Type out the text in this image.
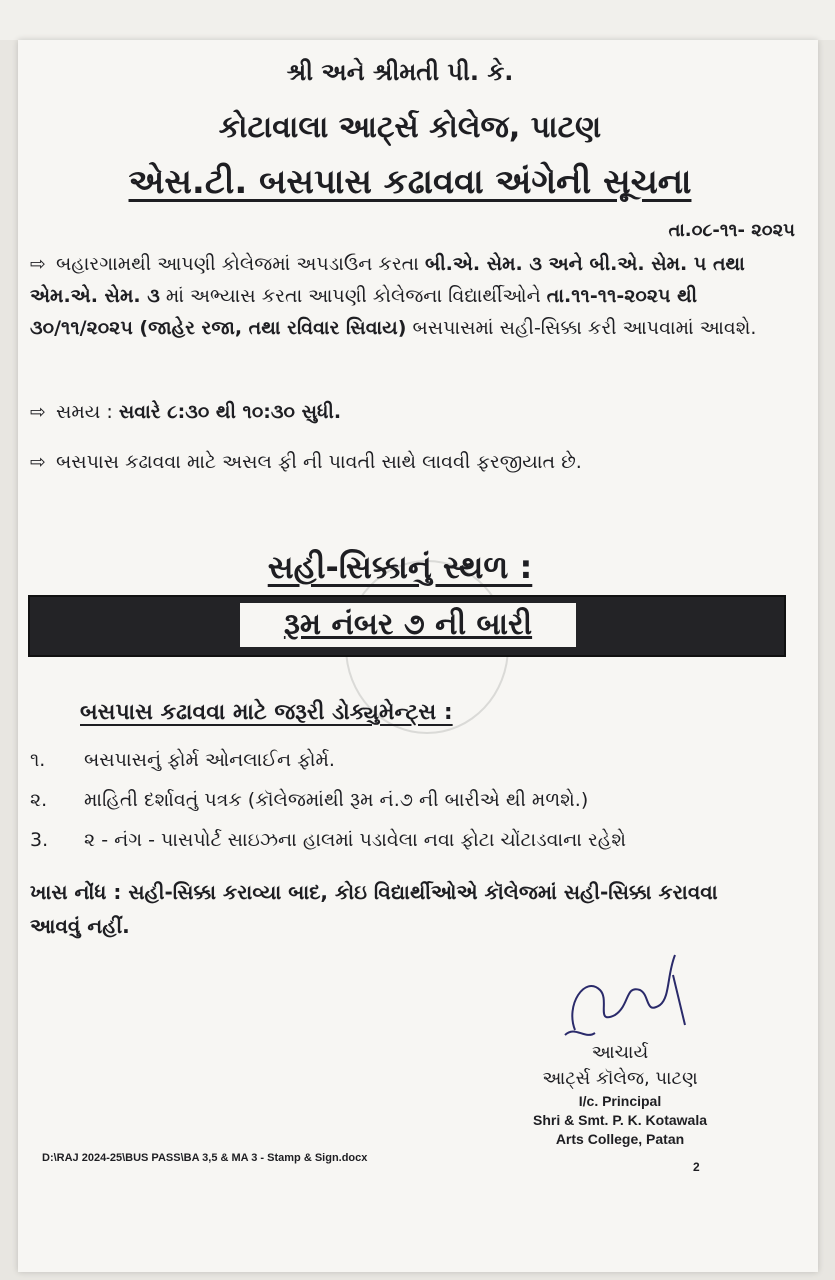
શ્રી અને શ્રીમતી પી. કે.
કોટાવાલા આર્ટ્સ કોલેજ, પાટણ
એસ.ટી. બસપાસ કઢાવવા અંગેની સૂચના
તા.૦૮-૧૧- ૨૦૨૫
⇨ બહારગામથી આપણી કોલેજમાં અપડાઉન કરતા બી.એ. સેમ. ૩ અને બી.એ. સેમ. ૫ તથા એમ.એ. સેમ. ૩ માં અભ્યાસ કરતા આપણી કોલેજના વિદ્યાર્થીઓને તા.૧૧-૧૧-૨૦૨૫ થી ૩૦/૧૧/૨૦૨૫ (જાહેર રજા, તથા રવિવાર સિવાય) બસપાસમાં સહી-સિક્કા કરી આપવામાં આવશે.
⇨ સમય : સવારે ૮:૩૦ થી ૧૦:૩૦ સુધી.
⇨ બસપાસ કઢાવવા માટે અસલ ફી ની પાવતી સાથે લાવવી ફરજીયાત છે.
સહી-સિક્કાનું સ્થળ :
રૂમ નંબર ૭ ની બારી
બસપાસ કઢાવવા માટે જરૂરી ડોક્યુમેન્ટ્સ :
૧. બસપાસનું ફોર્મ ઓનલાઈન ફોર્મ.
૨. માહિતી દર્શાવતું પત્રક (કૉલેજમાંથી રૂમ નં.૭ ની બારીએ થી મળશે.)
3. ૨ - નંગ - પાસપોર્ટ સાઇઝના હાલમાં પડાવેલા નવા ફોટા ચોંટાડવાના રહેશે
ખાસ નોંધ : સહી-સિક્કા કરાવ્યા બાદ, કોઇ વિદ્યાર્થીઓએ કૉલેજમાં સહી-સિક્કા કરાવવા આવવું નહીં.
આચાર્ય
આર્ટ્સ કૉલેજ, પાટણ
I/c. Principal
Shri & Smt. P. K. Kotawala
Arts College, Patan
D:\RAJ 2024-25\BUS PASS\BA 3,5 & MA 3 - Stamp & Sign.docx
2
